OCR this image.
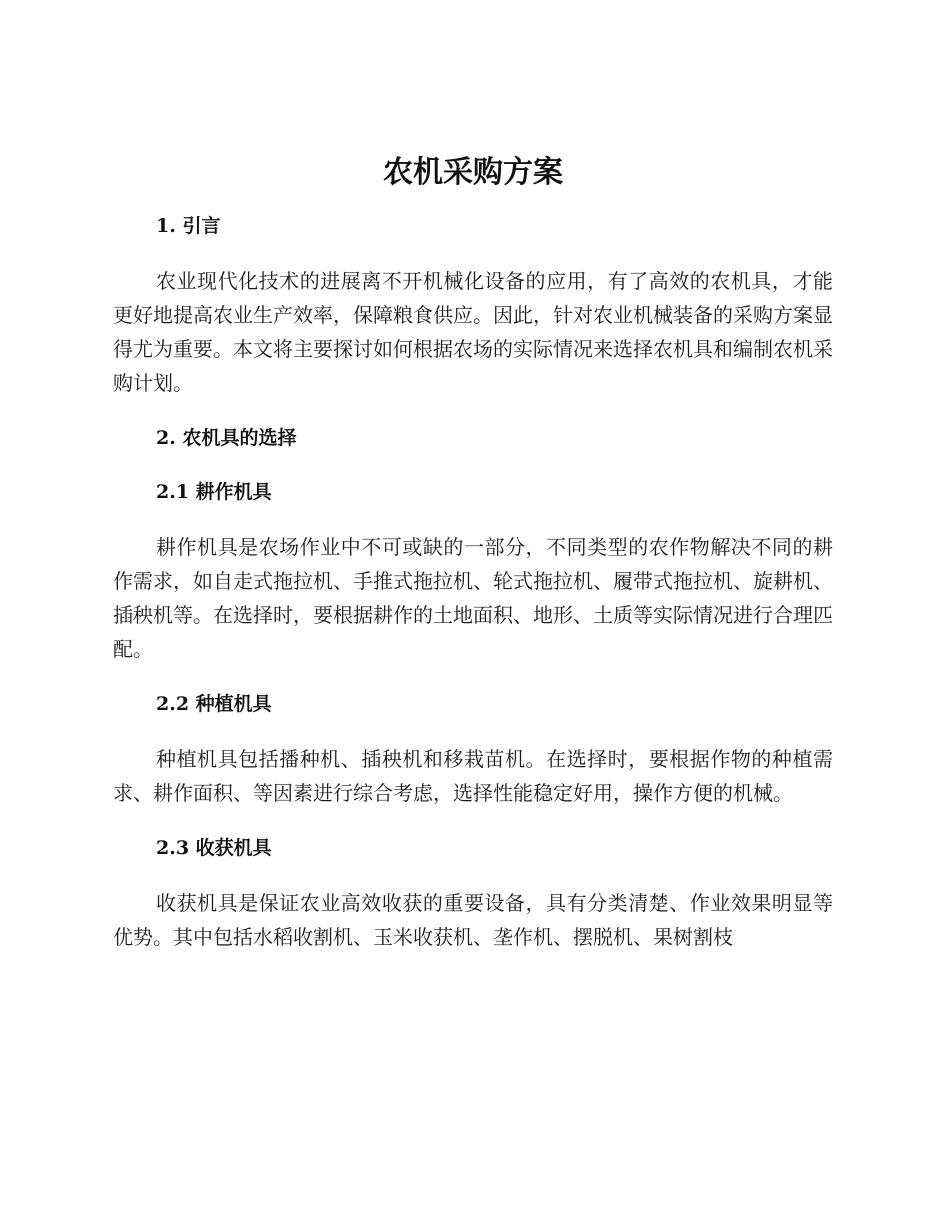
农机采购方案
1. 引言

农业现代化技术的进展离不开机械化设备的应用，有了高效的农机具，才能更好地提高农业生产效率，保障粮食供应。因此，针对农业机械装备的采购方案显得尤为重要。本文将主要探讨如何根据农场的实际情况来选择农机具和编制农机采购计划。

2. 农机具的选择
2.1 耕作机具

耕作机具是农场作业中不可或缺的一部分，不同类型的农作物解决不同的耕作需求，如自走式拖拉机、手推式拖拉机、轮式拖拉机、履带式拖拉机、旋耕机、插秧机等。在选择时，要根据耕作的土地面积、地形、土质等实际情况进行合理匹配。

2.2 种植机具

种植机具包括播种机、插秧机和移栽苗机。在选择时，要根据作物的种植需求、耕作面积、等因素进行综合考虑，选择性能稳定好用，操作方便的机械。

2.3 收获机具

收获机具是保证农业高效收获的重要设备，具有分类清楚、作业效果明显等优势。其中包括水稻收割机、玉米收获机、垄作机、摆脱机、果树割枝
